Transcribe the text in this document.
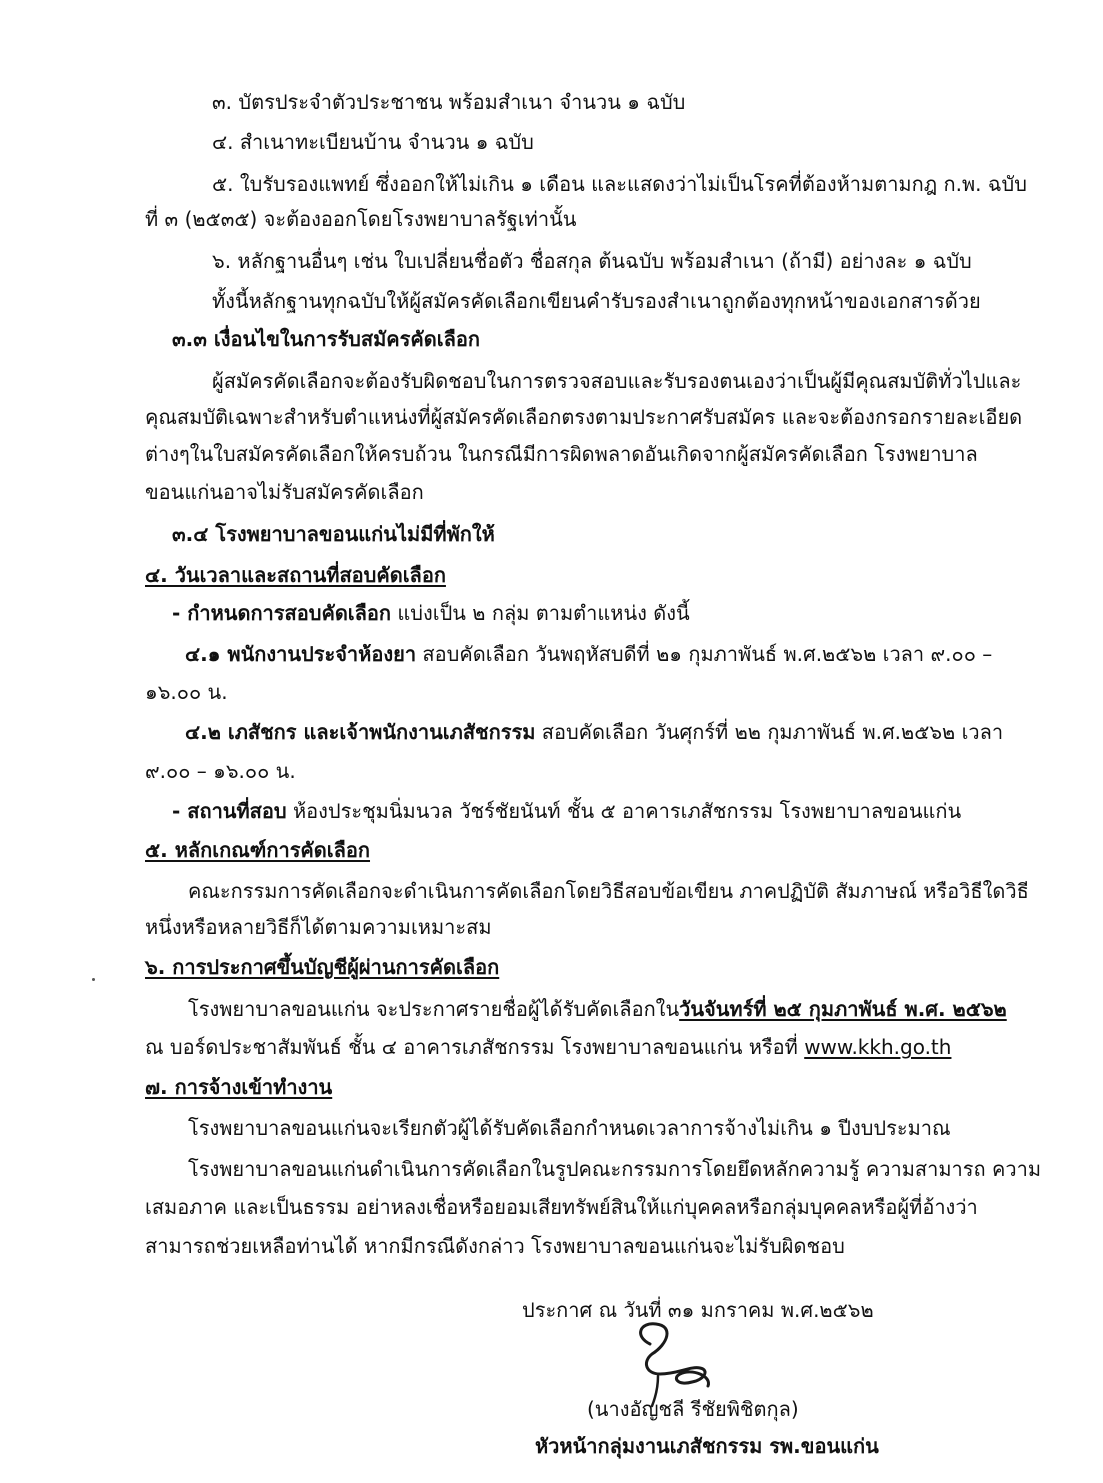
๓. บัตรประจำตัวประชาชน พร้อมสำเนา จำนวน ๑ ฉบับ
๔. สำเนาทะเบียนบ้าน จำนวน ๑ ฉบับ
๕. ใบรับรองแพทย์ ซึ่งออกให้ไม่เกิน ๑ เดือน และแสดงว่าไม่เป็นโรคที่ต้องห้ามตามกฎ ก.พ. ฉบับ
ที่ ๓ (๒๕๓๕) จะต้องออกโดยโรงพยาบาลรัฐเท่านั้น
๖. หลักฐานอื่นๆ เช่น ใบเปลี่ยนชื่อตัว ชื่อสกุล ต้นฉบับ พร้อมสำเนา (ถ้ามี) อย่างละ ๑ ฉบับ
ทั้งนี้หลักฐานทุกฉบับให้ผู้สมัครคัดเลือกเขียนคำรับรองสำเนาถูกต้องทุกหน้าของเอกสารด้วย
๓.๓ เงื่อนไขในการรับสมัครคัดเลือก
ผู้สมัครคัดเลือกจะต้องรับผิดชอบในการตรวจสอบและรับรองตนเองว่าเป็นผู้มีคุณสมบัติทั่วไปและ
คุณสมบัติเฉพาะสำหรับตำแหน่งที่ผู้สมัครคัดเลือกตรงตามประกาศรับสมัคร และจะต้องกรอกรายละเอียด
ต่างๆในใบสมัครคัดเลือกให้ครบถ้วน ในกรณีมีการผิดพลาดอันเกิดจากผู้สมัครคัดเลือก โรงพยาบาล
ขอนแก่นอาจไม่รับสมัครคัดเลือก
๓.๔ โรงพยาบาลขอนแก่นไม่มีที่พักให้
๔. วันเวลาและสถานที่สอบคัดเลือก
- กำหนดการสอบคัดเลือก แบ่งเป็น ๒ กลุ่ม ตามตำแหน่ง ดังนี้
๔.๑ พนักงานประจำห้องยา สอบคัดเลือก วันพฤหัสบดีที่ ๒๑ กุมภาพันธ์ พ.ศ.๒๕๖๒ เวลา ๙.๐๐ –
๑๖.๐๐ น.
๔.๒ เภสัชกร และเจ้าพนักงานเภสัชกรรม สอบคัดเลือก วันศุกร์ที่ ๒๒ กุมภาพันธ์ พ.ศ.๒๕๖๒ เวลา
๙.๐๐ – ๑๖.๐๐ น.
- สถานที่สอบ ห้องประชุมนิ่มนวล วัชร์ชัยนันท์ ชั้น ๕ อาคารเภสัชกรรม โรงพยาบาลขอนแก่น
๕. หลักเกณฑ์การคัดเลือก
คณะกรรมการคัดเลือกจะดำเนินการคัดเลือกโดยวิธีสอบข้อเขียน ภาคปฏิบัติ สัมภาษณ์ หรือวิธีใดวิธี
หนึ่งหรือหลายวิธีก็ได้ตามความเหมาะสม
๖. การประกาศขึ้นบัญชีผู้ผ่านการคัดเลือก
โรงพยาบาลขอนแก่น จะประกาศรายชื่อผู้ได้รับคัดเลือกในวันจันทร์ที่ ๒๕ กุมภาพันธ์ พ.ศ. ๒๕๖๒
ณ บอร์ดประชาสัมพันธ์ ชั้น ๔ อาคารเภสัชกรรม โรงพยาบาลขอนแก่น หรือที่ www.kkh.go.th
๗. การจ้างเข้าทำงาน
โรงพยาบาลขอนแก่นจะเรียกตัวผู้ได้รับคัดเลือกกำหนดเวลาการจ้างไม่เกิน ๑ ปีงบประมาณ
โรงพยาบาลขอนแก่นดำเนินการคัดเลือกในรูปคณะกรรมการโดยยึดหลักความรู้ ความสามารถ ความ
เสมอภาค และเป็นธรรม อย่าหลงเชื่อหรือยอมเสียทรัพย์สินให้แก่บุคคลหรือกลุ่มบุคคลหรือผู้ที่อ้างว่า
สามารถช่วยเหลือท่านได้ หากมีกรณีดังกล่าว โรงพยาบาลขอนแก่นจะไม่รับผิดชอบ
ประกาศ ณ วันที่ ๓๑ มกราคม พ.ศ.๒๕๖๒
(นางอัญชลี รีชัยพิชิตกุล)
หัวหน้ากลุ่มงานเภสัชกรรม รพ.ขอนแก่น
